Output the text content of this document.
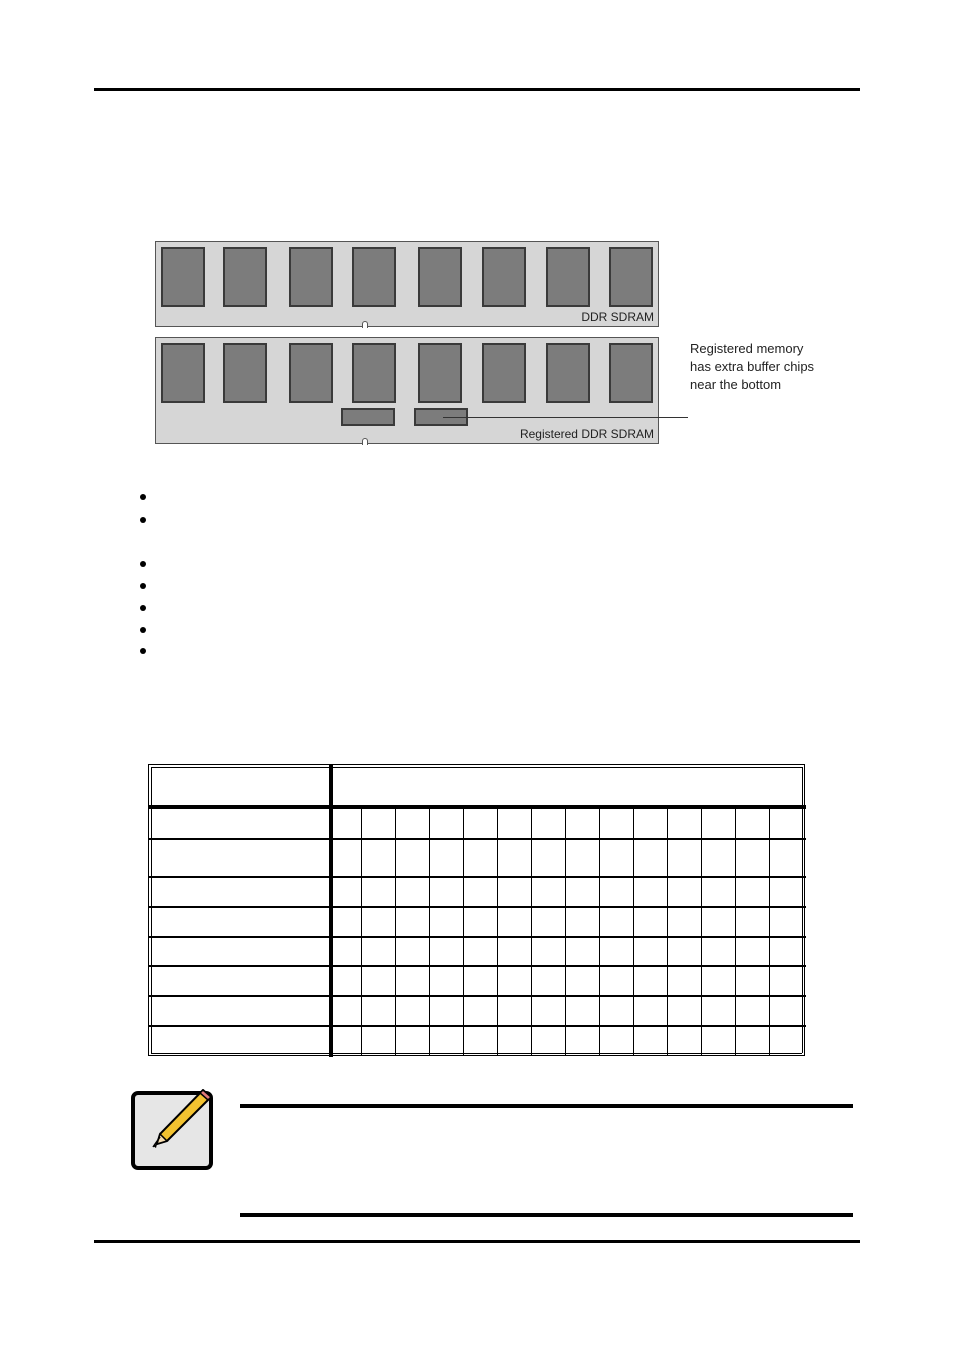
DDR SDRAM
Registered DDR SDRAM
Registered memory has extra buffer chips near the bottom
